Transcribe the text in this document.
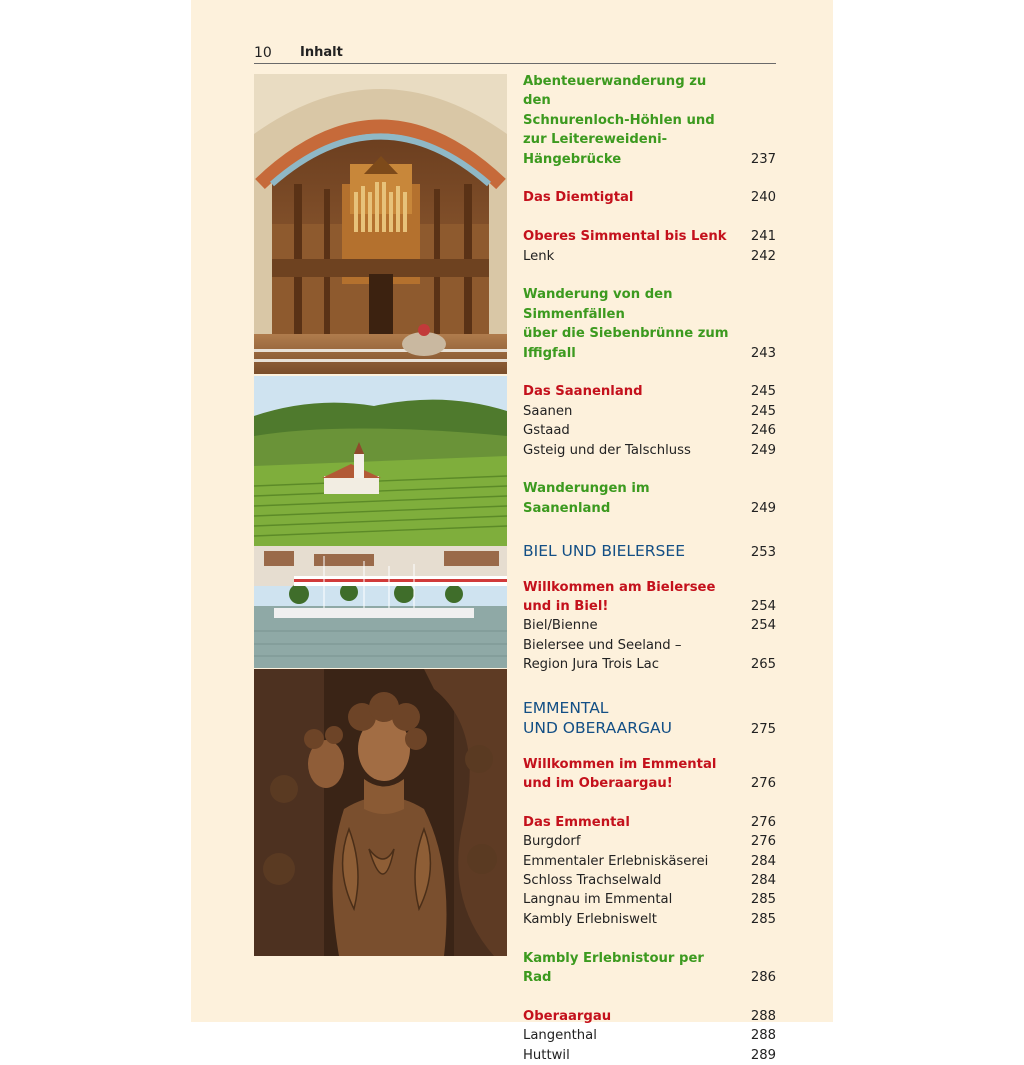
10 Inhalt
Abenteuerwanderung zu den
Schnurenloch-Höhlen und
zur Leitereweideni-Hängebrücke	237
Das Diemtigtal	240
Oberes Simmental bis Lenk 241
Lenk	242
Wanderung von den Simmenfällen
über die Siebenbrünne zum
Iffigfall	243
Das Saanenland	245
Saanen	245
Gstaad	246
Gsteig und der Talschluss	249
Wanderungen im Saanenland	249
BIEL UND BIELERSEE	253
Willkommen am Bielersee
und in Biel!	254
Biel/Bienne	254
Bielersee und Seeland –
Region Jura Trois Lac	265
EMMENTAL
UND OBERAARGAU	275
Willkommen im Emmental
und im Oberaargau!	276
Das Emmental	276
Burgdorf	276
Emmentaler Erlebniskäserei	284
Schloss Trachselwald	284
Langnau im Emmental	285
Kambly Erlebniswelt	285
Kambly Erlebnistour per Rad	286
Oberaargau	288
Langenthal	288
Huttwil	289
